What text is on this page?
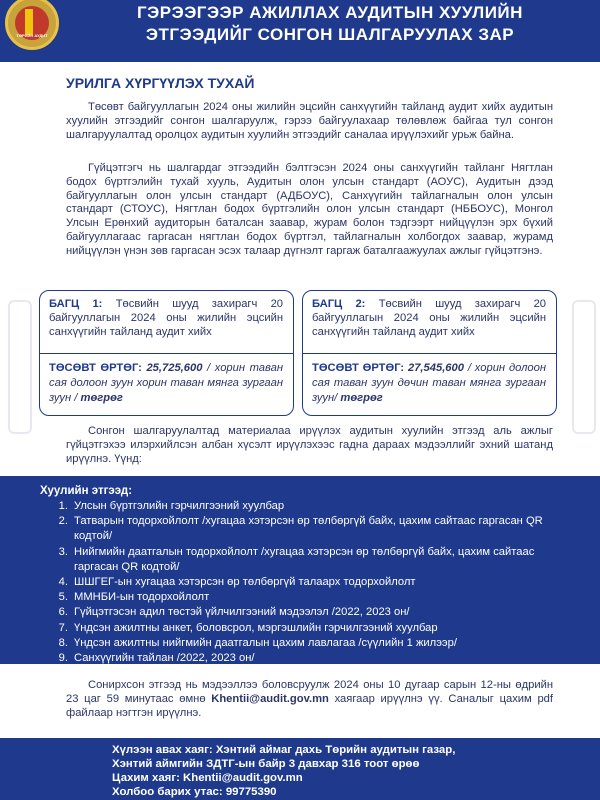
ТӨРИЙН АУДИТ
ГЭРЭЭГЭЭР АЖИЛЛАХ АУДИТЫН ХУУЛИЙН
ЭТГЭЭДИЙГ СОНГОН ШАЛГАРУУЛАХ ЗАР
УРИЛГА ХҮРГҮҮЛЭХ ТУХАЙ

Төсөвт байгууллагын 2024 оны жилийн эцсийн санхүүгийн тайланд аудит хийх аудитын хуулийн этгээдийг сонгон шалгаруулж, гэрээ байгуулахаар төлөвлөж байгаа тул сонгон шалгаруулалтад оролцох аудитын хуулийн этгээдийг саналаа ирүүлэхийг урьж байна.

Гүйцэтгэгч нь шалгардаг этгээдийн бэлтгэсэн 2024 оны санхүүгийн тайланг Нягтлан бодох бүртгэлийн тухай хууль, Аудитын олон улсын стандарт (АОУС), Аудитын дээд байгууллагын олон улсын стандарт (АДБОУС), Санхүүгийн тайлагналын олон улсын стандарт (СТОУС), Нягтлан бодох бүртгэлийн олон улсын стандарт (НББОУС), Монгол Улсын Ерөнхий аудиторын баталсан заавар, журам болон тэдгээрт нийцүүлэн эрх бүхий байгууллагаас гаргасан нягтлан бодох бүртгэл, тайлагналын холбогдох заавар, журамд нийцүүлэн үнэн зөв гаргасан эсэх талаар дүгнэлт гаргаж баталгаажуулах ажлыг гүйцэтгэнэ.

БАГЦ 1: Төсвийн шууд захирагч 20 байгууллагын 2024 оны жилийн эцсийн санхүүгийн тайланд аудит хийх
ТӨСӨВТ ӨРТӨГ: 25,725,600 / хорин таван сая долоон зуун хорин таван мянга зургаан зуун / төгрөг
БАГЦ 2: Төсвийн шууд захирагч 20 байгууллагын 2024 оны жилийн эцсийн санхүүгийн тайланд аудит хийх
ТӨСӨВТ ӨРТӨГ: 27,545,600 / хорин долоон сая таван зуун дөчин таван мянга зургаан зуун/ төгрөг

Сонгон шалгаруулалтад материалаа ирүүлэх аудитын хуулийн этгээд аль ажлыг гүйцэтгэхээ илэрхийлсэн албан хүсэлт ирүүлэхээс гадна дараах мэдээллийг эхний шатанд ирүүлнэ. Үүнд:

Хуулийн этгээд:
1. Улсын бүртгэлийн гэрчилгээний хуулбар
2. Татварын тодорхойлолт /хугацаа хэтэрсэн өр төлбөргүй байх, цахим сайтаас гаргасан QR кодтой/
3. Нийгмийн даатгалын тодорхойлолт /хугацаа хэтэрсэн өр төлбөргүй байх, цахим сайтаас гаргасан QR кодтой/
4. ШШГЕГ-ын хугацаа хэтэрсэн өр төлбөргүй талаарх тодорхойлолт
5. ММНБИ-ын тодорхойлолт
6. Гүйцэтгэсэн адил төстэй үйлчилгээний мэдээлэл /2022, 2023 он/
7. Үндсэн ажилтны анкет, боловсрол, мэргэшлийн гэрчилгээний хуулбар
8. Үндсэн ажилтны нийгмийн даатгалын цахим лавлагаа /сүүлийн 1 жилээр/
9. Санхүүгийн тайлан /2022, 2023 он/

Сонирхсон этгээд нь мэдээллээ боловсруулж 2024 оны 10 дугаар сарын 12-ны өдрийн 23 цаг 59 минутаас өмнө Khentii@audit.gov.mn хаягаар ирүүлнэ үү. Саналыг цахим pdf файлаар нэгтгэн ирүүлнэ.

Хүлээн авах хаяг: Хэнтий аймаг дахь Төрийн аудитын газар,
Хэнтий аймгийн ЗДТГ-ын байр 3 давхар 316 тоот өрөө
Цахим хаяг: Khentii@audit.gov.mn
Холбоо барих утас: 99775390
